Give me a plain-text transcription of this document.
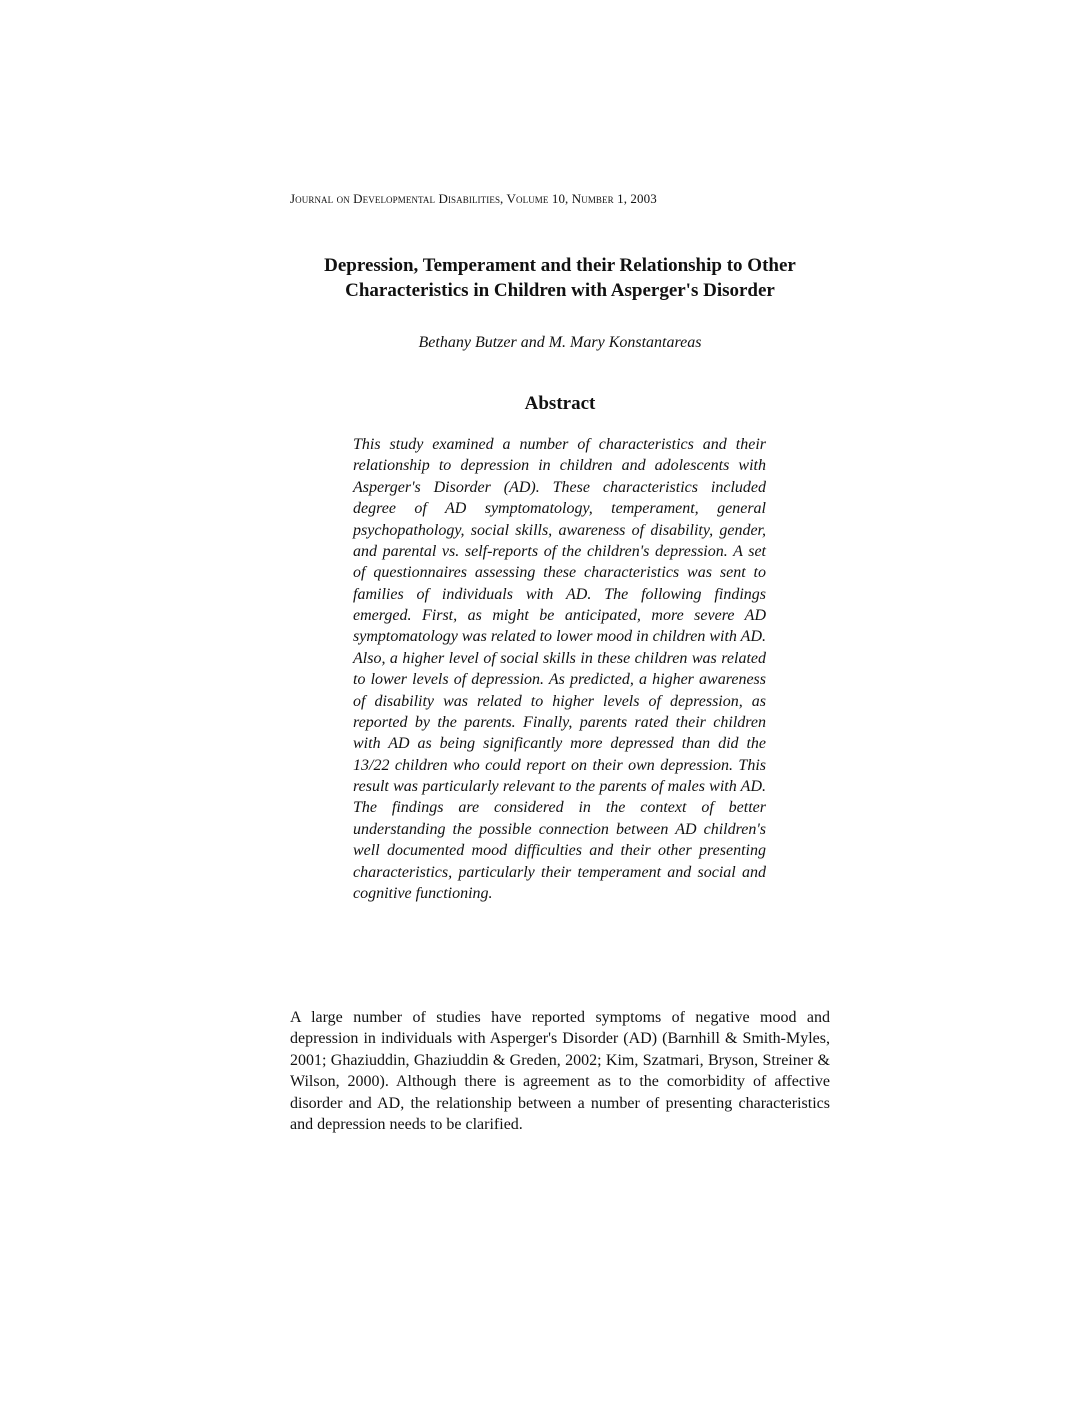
Journal on Developmental Disabilities, Volume 10, Number 1, 2003
Depression, Temperament and their Relationship to Other
Characteristics in Children with Asperger's Disorder
Bethany Butzer and M. Mary Konstantareas
Abstract

This study examined a number of characteristics and their relationship to depression in children and adolescents with Asperger's Disorder (AD). These characteristics included degree of AD symptomatology, temperament, general psychopathology, social skills, awareness of disability, gender, and parental vs. self-reports of the children's depression. A set of questionnaires assessing these characteristics was sent to families of individuals with AD. The following findings emerged. First, as might be anticipated, more severe AD symptomatology was related to lower mood in children with AD. Also, a higher level of social skills in these children was related to lower levels of depression. As predicted, a higher awareness of disability was related to higher levels of depression, as reported by the parents. Finally, parents rated their children with AD as being significantly more depressed than did the 13/22 children who could report on their own depression. This result was particularly relevant to the parents of males with AD. The findings are considered in the context of better understanding the possible connection between AD children's well documented mood difficulties and their other presenting characteristics, particularly their temperament and social and cognitive functioning.

A large number of studies have reported symptoms of negative mood and depression in individuals with Asperger's Disorder (AD) (Barnhill & Smith-Myles, 2001; Ghaziuddin, Ghaziuddin & Greden, 2002; Kim, Szatmari, Bryson, Streiner & Wilson, 2000). Although there is agreement as to the comorbidity of affective disorder and AD, the relationship between a number of presenting characteristics and depression needs to be clarified.
